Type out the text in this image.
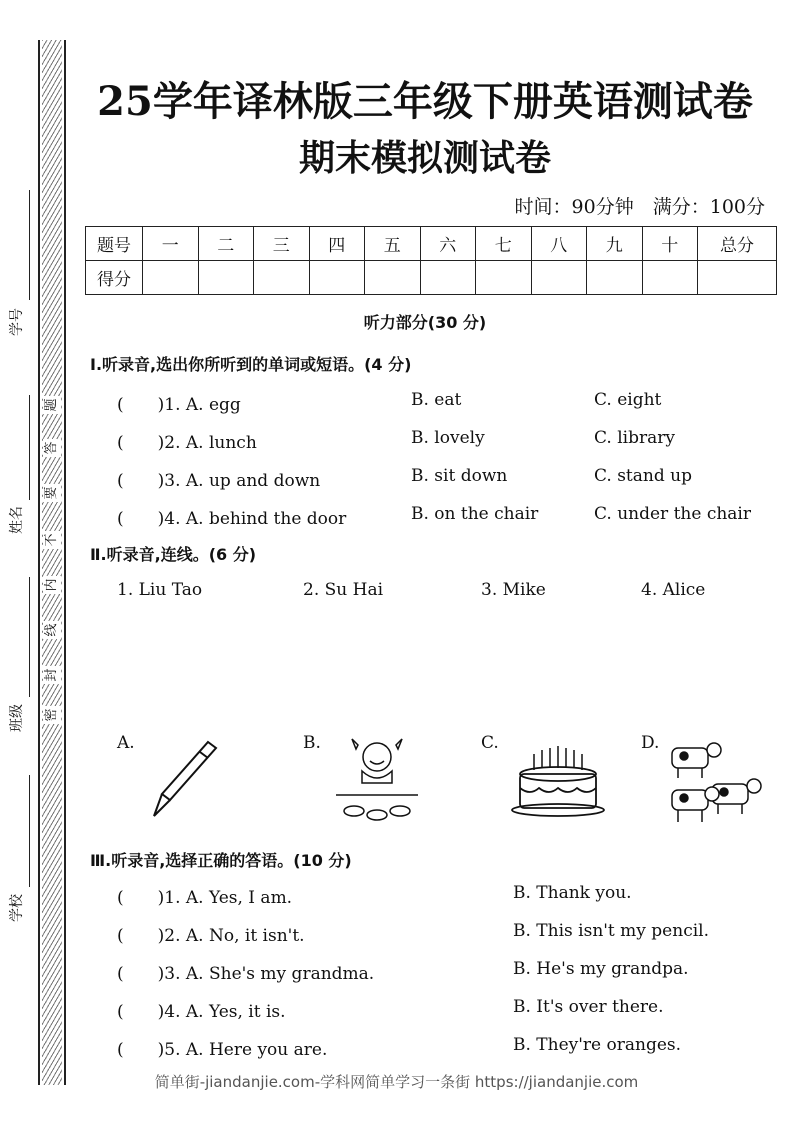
密
封
线
内
不
要
答
题
学号
姓名
班级
学校
25学年译林版三年级下册英语测试卷
期末模拟测试卷
时间：90分钟　满分：100分
题号	一	二	三	四	五	六	七	八	九	十	总分
得分											
听力部分(30 分)
Ⅰ.听录音,选出你所听到的单词或短语。(4 分)
(　　)1. A. egg	B. eat	C. eight
(　　)2. A. lunch	B. lovely	C. library
(　　)3. A. up and down	B. sit down	C. stand up
(　　)4. A. behind the door	B. on the chair	C. under the chair
Ⅱ.听录音,连线。(6 分)
1. Liu Tao	2. Su Hai	3. Mike	4. Alice
A.	B.	C.	D.
Ⅲ.听录音,选择正确的答语。(10 分)
(　　)1. A. Yes, I am.	B. Thank you.
(　　)2. A. No, it isn't.	B. This isn't my pencil.
(　　)3. A. She's my grandma.	B. He's my grandpa.
(　　)4. A. Yes, it is.	B. It's over there.
(　　)5. A. Here you are.	B. They're oranges.
简单街-jiandanjie.com-学科网简单学习一条街 https://jiandanjie.com
